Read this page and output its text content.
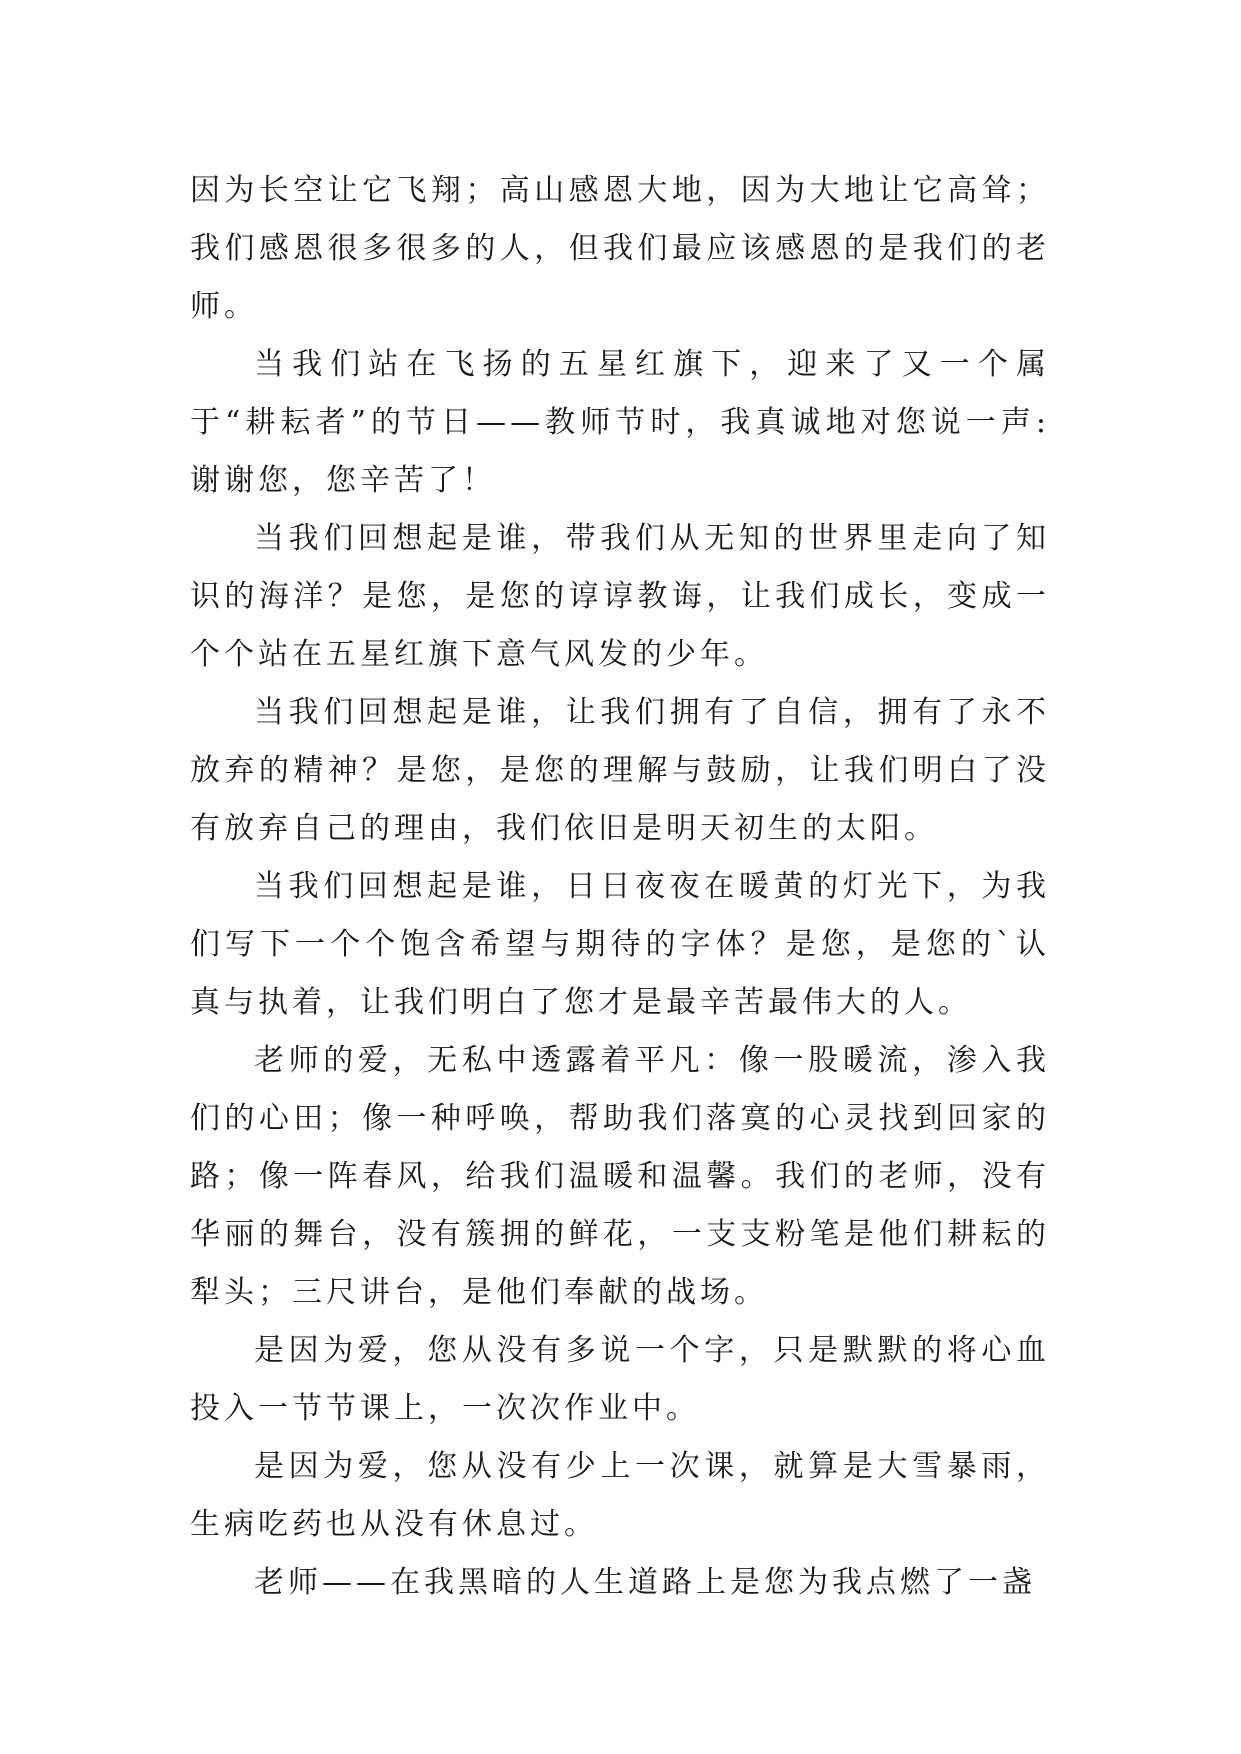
因为长空让它飞翔；高山感恩大地，因为大地让它高耸；我们感恩很多很多的人，但我们最应该感恩的是我们的老师。

当我们站在飞扬的五星红旗下，迎来了又一个属于“耕耘者”的节日——教师节时，我真诚地对您说一声:谢谢您，您辛苦了！

当我们回想起是谁，带我们从无知的世界里走向了知识的海洋？是您，是您的谆谆教诲，让我们成长，变成一个个站在五星红旗下意气风发的少年。

当我们回想起是谁，让我们拥有了自信，拥有了永不放弃的精神？是您，是您的理解与鼓励，让我们明白了没有放弃自己的理由，我们依旧是明天初生的太阳。

当我们回想起是谁，日日夜夜在暖黄的灯光下，为我们写下一个个饱含希望与期待的字体？是您，是您的`认真与执着，让我们明白了您才是最辛苦最伟大的人。

老师的爱，无私中透露着平凡：像一股暖流，渗入我们的心田；像一种呼唤，帮助我们落寞的心灵找到回家的路；像一阵春风，给我们温暖和温馨。我们的老师，没有华丽的舞台，没有簇拥的鲜花，一支支粉笔是他们耕耘的犁头；三尺讲台，是他们奉献的战场。

是因为爱，您从没有多说一个字，只是默默的将心血投入一节节课上，一次次作业中。

是因为爱，您从没有少上一次课，就算是大雪暴雨，生病吃药也从没有休息过。

老师——在我黑暗的人生道路上是您为我点燃了一盏
